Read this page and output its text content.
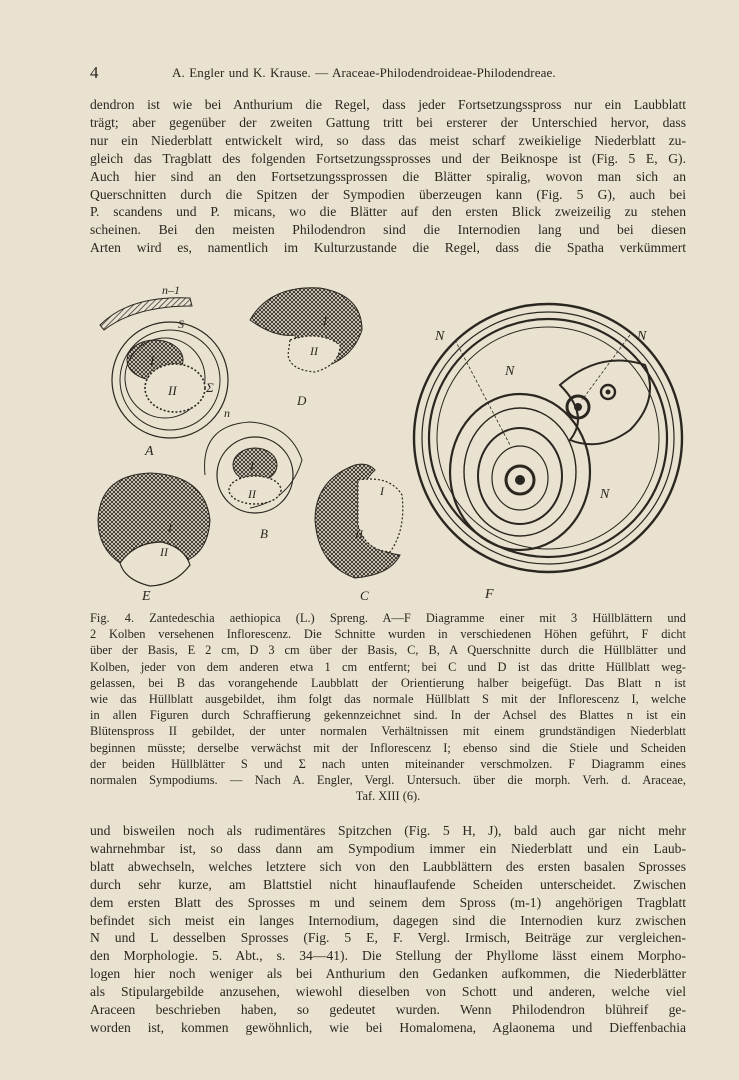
4	A. Engler und K. Krause. — Araceae-Philodendroideae-Philodendreae.
dendron ist wie bei Anthurium die Regel, dass jeder Fortsetzungsspross nur ein Laubblatt
trägt; aber gegenüber der zweiten Gattung tritt bei ersterer der Unterschied hervor, dass
nur ein Niederblatt entwickelt wird, so dass das meist scharf zweikielige Niederblatt zu-
gleich das Tragblatt des folgenden Fortsetzungssprosses und der Beiknospe ist (Fig. 5 E, G).
Auch hier sind an den Fortsetzungssprossen die Blätter spiralig, wovon man sich an
Querschnitten durch die Spitzen der Sympodien überzeugen kann (Fig. 5 G), auch bei
P. scandens und P. micans, wo die Blätter auf den ersten Blick zweizeilig zu stehen
scheinen. Bei den meisten Philodendron sind die Internodien lang und bei diesen
Arten wird es, namentlich im Kulturzustande die Regel, dass die Spatha verkümmert
n–1
S
I
II Σ
n
A
I
II
D
I
II
B
I
II
E
I
II
C
N	N
N
N
F
Fig. 4. Zantedeschia aethiopica (L.) Spreng. A—F Diagramme einer mit 3 Hüllblättern und
2 Kolben versehenen Inflorescenz. Die Schnitte wurden in verschiedenen Höhen geführt, F dicht
über der Basis, E 2 cm, D 3 cm über der Basis, C, B, A Querschnitte durch die Hüllblätter und
Kolben, jeder von dem anderen etwa 1 cm entfernt; bei C und D ist das dritte Hüllblatt weg-
gelassen, bei B das vorangehende Laubblatt der Orientierung halber beigefügt. Das Blatt n ist
wie das Hüllblatt ausgebildet, ihm folgt das normale Hüllblatt S mit der Inflorescenz I, welche
in allen Figuren durch Schraffierung gekennzeichnet sind. In der Achsel des Blattes n ist ein
Blütenspross II gebildet, der unter normalen Verhältnissen mit einem grundständigen Niederblatt
beginnen müsste; derselbe verwächst mit der Inflorescenz I; ebenso sind die Stiele und Scheiden
der beiden Hüllblätter S und Σ nach unten miteinander verschmolzen. F Diagramm eines
normalen Sympodiums. — Nach A. Engler, Vergl. Untersuch. über die morph. Verh. d. Araceae,
Taf. XIII (6).
und bisweilen noch als rudimentäres Spitzchen (Fig. 5 H, J), bald auch gar nicht mehr
wahrnehmbar ist, so dass dann am Sympodium immer ein Niederblatt und ein Laub-
blatt abwechseln, welches letztere sich von den Laubblättern des ersten basalen Sprosses
durch sehr kurze, am Blattstiel nicht hinauflaufende Scheiden unterscheidet. Zwischen
dem ersten Blatt des Sprosses m und seinem dem Spross (m-1) angehörigen Tragblatt
befindet sich meist ein langes Internodium, dagegen sind die Internodien kurz zwischen
N und L desselben Sprosses (Fig. 5 E, F. Vergl. Irmisch, Beiträge zur vergleichen-
den Morphologie. 5. Abt., s. 34—41). Die Stellung der Phyllome lässt einem Morpho-
logen hier noch weniger als bei Anthurium den Gedanken aufkommen, die Niederblätter
als Stipulargebilde anzusehen, wiewohl dieselben von Schott und anderen, welche viel
Araceen beschrieben haben, so gedeutet wurden. Wenn Philodendron blühreif ge-
worden ist, kommen gewöhnlich, wie bei Homalomena, Aglaonema und Dieffenbachia
